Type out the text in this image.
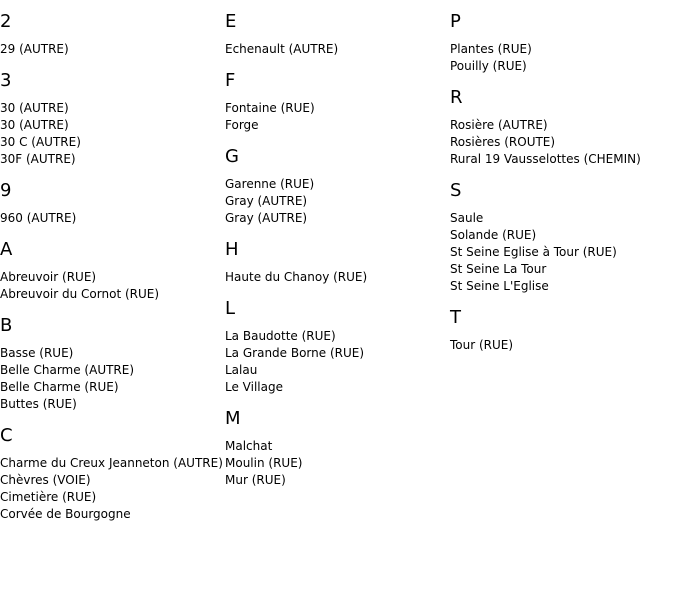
2
29 (AUTRE)
3
30 (AUTRE)
30 (AUTRE)
30 C (AUTRE)
30F (AUTRE)
9
960 (AUTRE)
A
Abreuvoir (RUE)
Abreuvoir du Cornot (RUE)
B
Basse (RUE)
Belle Charme (AUTRE)
Belle Charme (RUE)
Buttes (RUE)
C
Charme du Creux Jeanneton (AUTRE)
Chèvres (VOIE)
Cimetière (RUE)
Corvée de Bourgogne
E
Echenault (AUTRE)
F
Fontaine (RUE)
Forge
G
Garenne (RUE)
Gray (AUTRE)
Gray (AUTRE)
H
Haute du Chanoy (RUE)
L
La Baudotte (RUE)
La Grande Borne (RUE)
Lalau
Le Village
M
Malchat
Moulin (RUE)
Mur (RUE)
P
Plantes (RUE)
Pouilly (RUE)
R
Rosière (AUTRE)
Rosières (ROUTE)
Rural 19 Vausselottes (CHEMIN)
S
Saule
Solande (RUE)
St Seine Eglise à Tour (RUE)
St Seine La Tour
St Seine L'Eglise
T
Tour (RUE)
